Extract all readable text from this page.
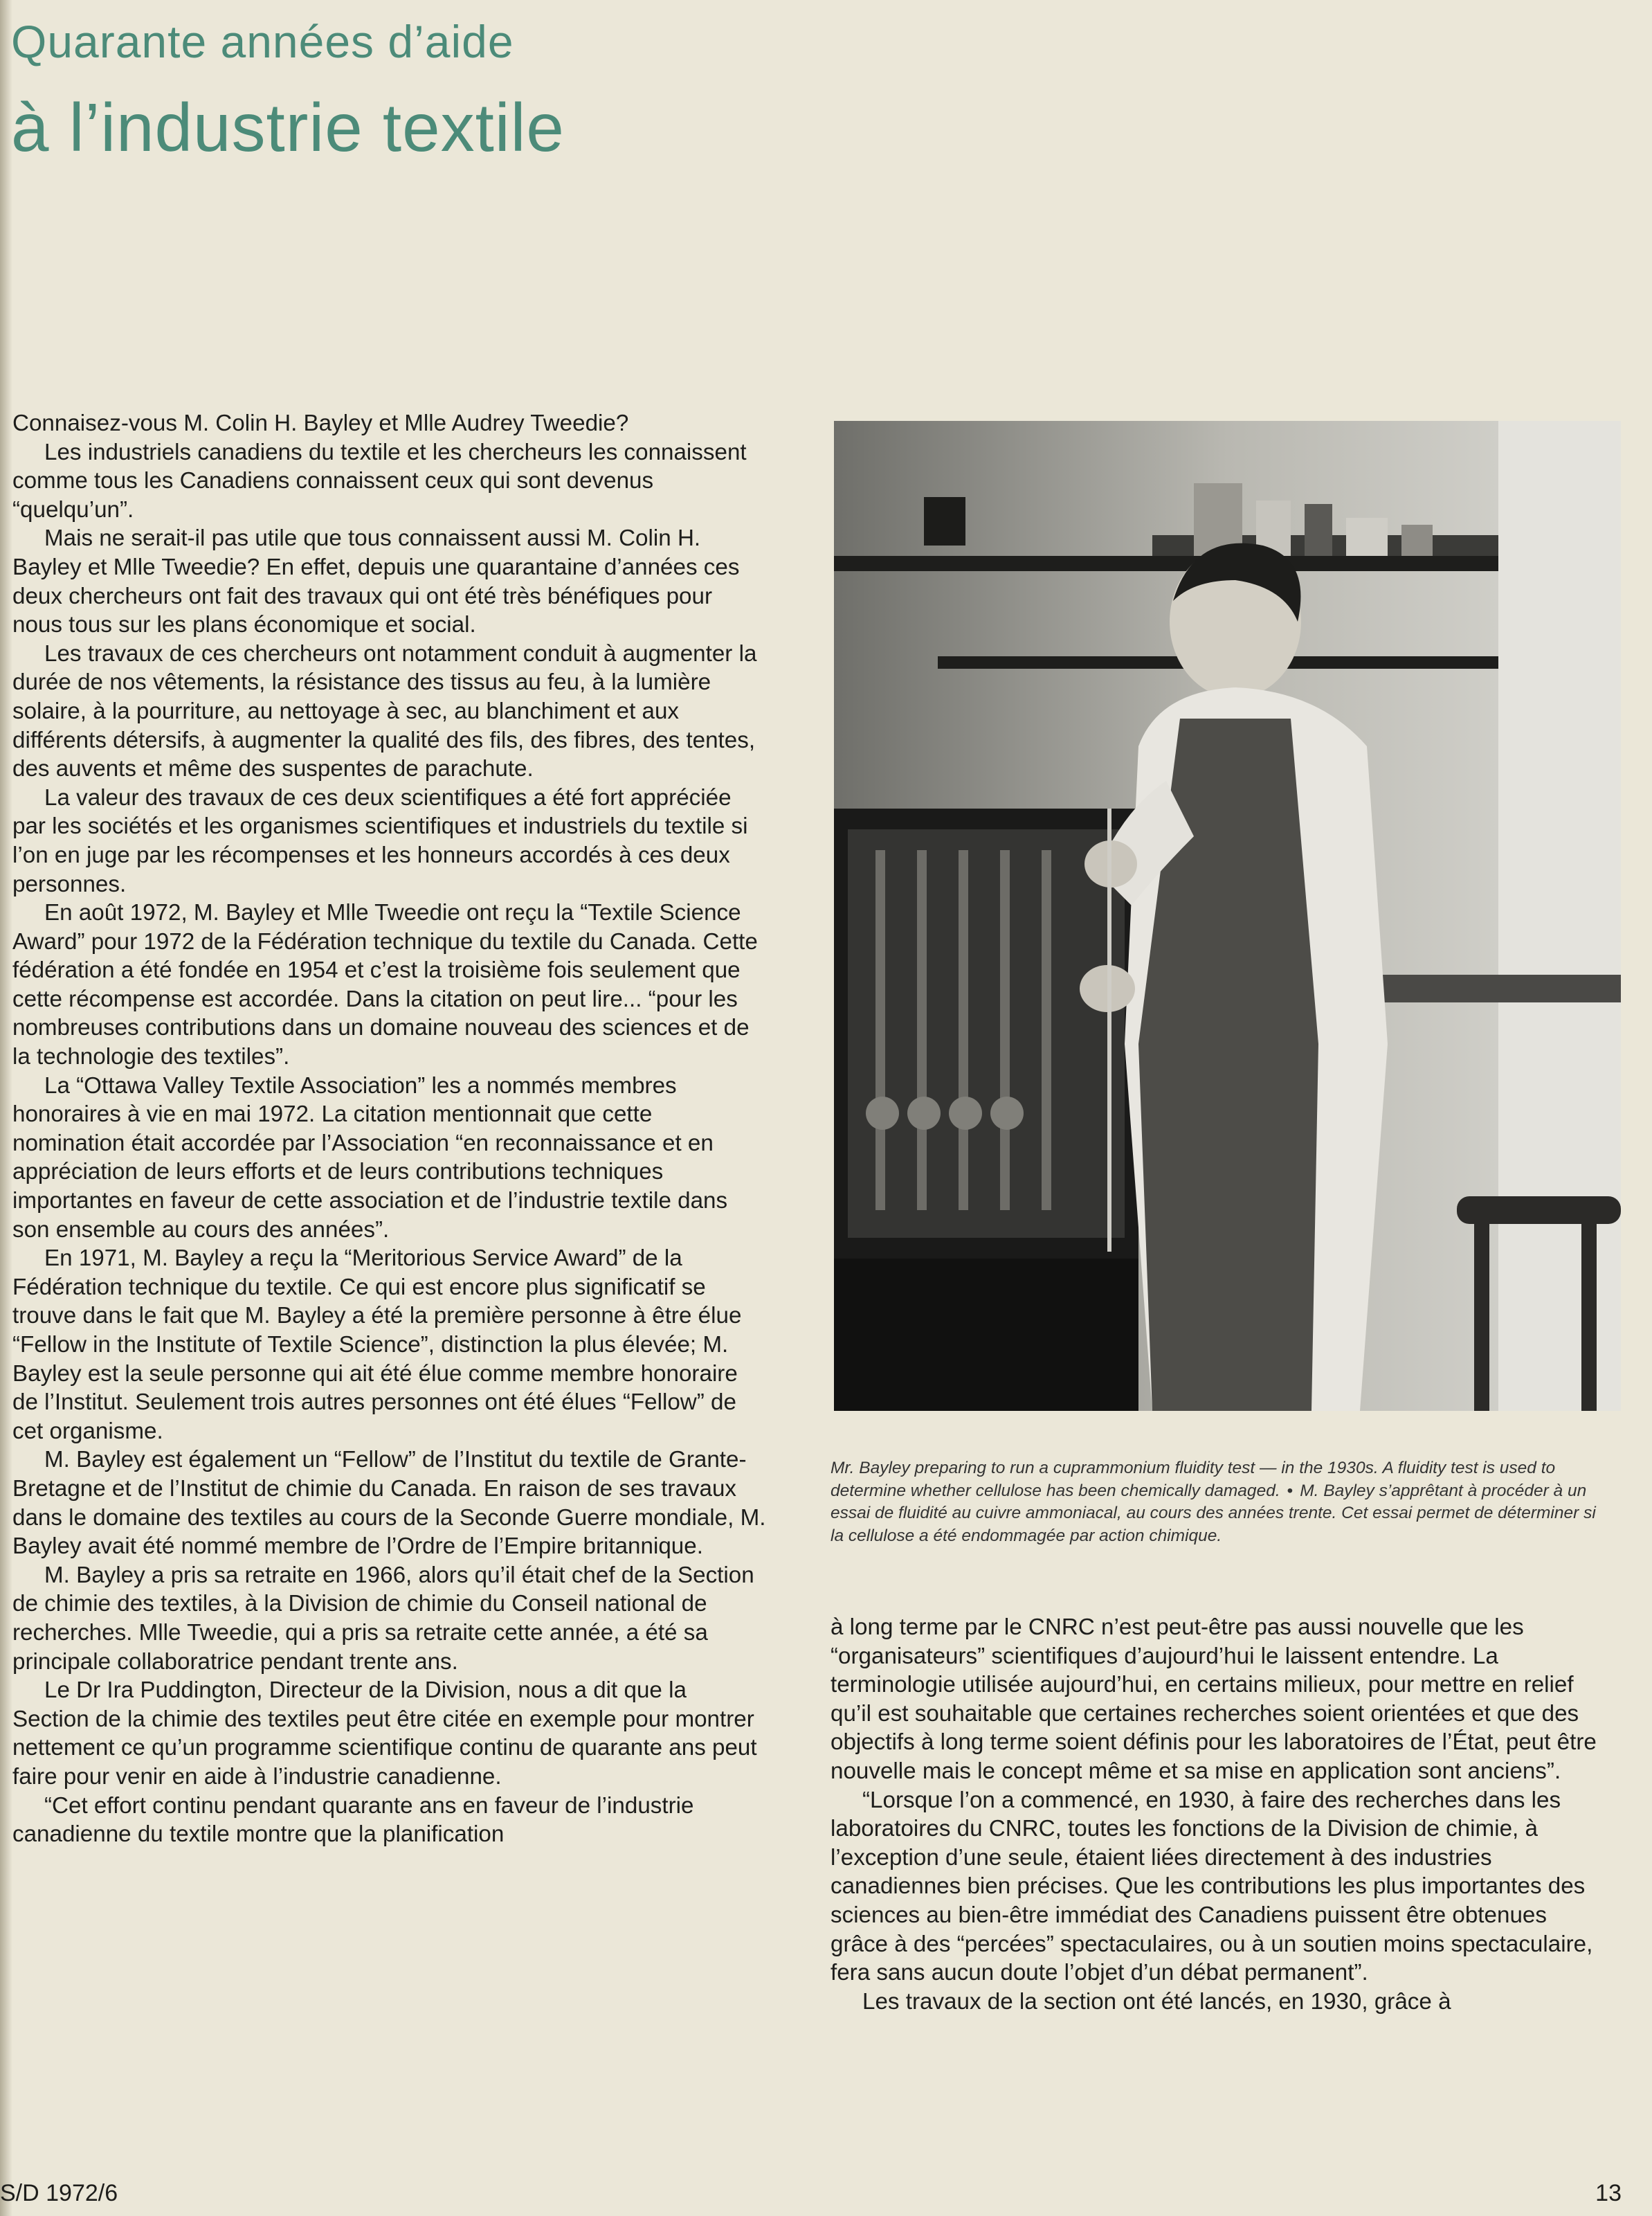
Quarante années d’aide
à l’industrie textile

Connaisez-vous M. Colin H. Bayley et Mlle Audrey Tweedie?

Les industriels canadiens du textile et les chercheurs les connaissent comme tous les Canadiens connaissent ceux qui sont devenus “quelqu’un”.

Mais ne serait-il pas utile que tous connaissent aussi M. Colin H. Bayley et Mlle Tweedie? En effet, depuis une quarantaine d’années ces deux chercheurs ont fait des travaux qui ont été très bénéfiques pour nous tous sur les plans économique et social.

Les travaux de ces chercheurs ont notamment conduit à augmenter la durée de nos vêtements, la résistance des tissus au feu, à la lumière solaire, à la pourriture, au nettoyage à sec, au blanchiment et aux différents détersifs, à augmenter la qualité des fils, des fibres, des tentes, des auvents et même des suspentes de parachute.

La valeur des travaux de ces deux scientifiques a été fort appréciée par les sociétés et les organismes scientifiques et industriels du textile si l’on en juge par les récompenses et les honneurs accordés à ces deux personnes.

En août 1972, M. Bayley et Mlle Tweedie ont reçu la “Textile Science Award” pour 1972 de la Fédération technique du textile du Canada. Cette fédération a été fondée en 1954 et c’est la troisième fois seulement que cette récompense est accordée. Dans la citation on peut lire... “pour les nombreuses contributions dans un domaine nouveau des sciences et de la technologie des textiles”.

La “Ottawa Valley Textile Association” les a nommés membres honoraires à vie en mai 1972. La citation mentionnait que cette nomination était accordée par l’Association “en reconnaissance et en appréciation de leurs efforts et de leurs contributions techniques importantes en faveur de cette association et de l’industrie textile dans son ensemble au cours des années”.

En 1971, M. Bayley a reçu la “Meritorious Service Award” de la Fédération technique du textile. Ce qui est encore plus significatif se trouve dans le fait que M. Bayley a été la première personne à être élue “Fellow in the Institute of Textile Science”, distinction la plus élevée; M. Bayley est la seule personne qui ait été élue comme membre honoraire de l’Institut. Seulement trois autres personnes ont été élues “Fellow” de cet organisme.

M. Bayley est également un “Fellow” de l’Institut du textile de Grante-Bretagne et de l’Institut de chimie du Canada. En raison de ses travaux dans le domaine des textiles au cours de la Seconde Guerre mondiale, M. Bayley avait été nommé membre de l’Ordre de l’Empire britannique.

M. Bayley a pris sa retraite en 1966, alors qu’il était chef de la Section de chimie des textiles, à la Division de chimie du Conseil national de recherches. Mlle Tweedie, qui a pris sa retraite cette année, a été sa principale collaboratrice pendant trente ans.

Le Dr Ira Puddington, Directeur de la Division, nous a dit que la Section de la chimie des textiles peut être citée en exemple pour montrer nettement ce qu’un programme scientifique continu de quarante ans peut faire pour venir en aide à l’industrie canadienne.

“Cet effort continu pendant quarante ans en faveur de l’industrie canadienne du textile montre que la planification

Mr. Bayley preparing to run a cuprammonium fluidity test — in the 1930s. A fluidity test is used to determine whether cellulose has been chemically damaged. • M. Bayley s’apprêtant à procéder à un essai de fluidité au cuivre ammoniacal, au cours des années trente. Cet essai permet de déterminer si la cellulose a été endommagée par action chimique.

à long terme par le CNRC n’est peut-être pas aussi nouvelle que les “organisateurs” scientifiques d’aujourd’hui le laissent entendre. La terminologie utilisée aujourd’hui, en certains milieux, pour mettre en relief qu’il est souhaitable que certaines recherches soient orientées et que des objectifs à long terme soient définis pour les laboratoires de l’État, peut être nouvelle mais le concept même et sa mise en application sont anciens”.

“Lorsque l’on a commencé, en 1930, à faire des recherches dans les laboratoires du CNRC, toutes les fonctions de la Division de chimie, à l’exception d’une seule, étaient liées directement à des industries canadiennes bien précises. Que les contributions les plus importantes des sciences au bien-être immédiat des Canadiens puissent être obtenues grâce à des “percées” spectaculaires, ou à un soutien moins spectaculaire, fera sans aucun doute l’objet d’un débat permanent”.

Les travaux de la section ont été lancés, en 1930, grâce à

S/D 1972/6	13
